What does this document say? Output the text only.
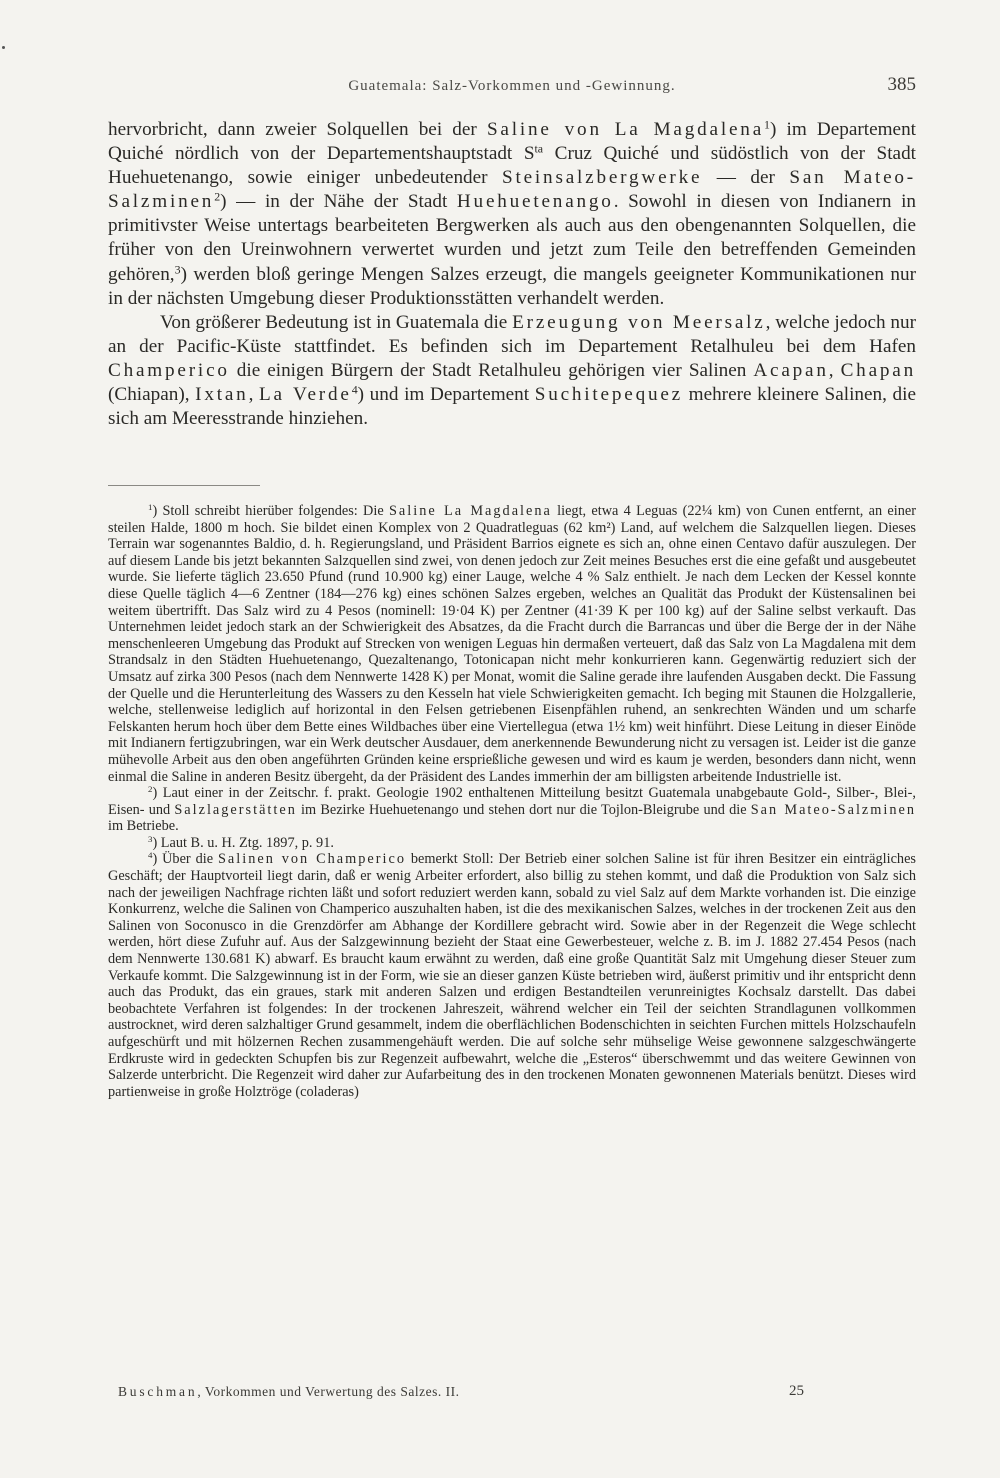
Guatemala: Salz-Vorkommen und -Gewinnung.	385

hervorbricht, dann zweier Solquellen bei der Saline von La Magdalena$^1$) im Departement Quiché nördlich von der Departementshauptstadt $S^{ta}$ Cruz Quiché und südöstlich von der Stadt Huehuetenango, sowie einiger unbedeutender Steinsalzbergwerke — der San Mateo-Salzminen$^2$) — in der Nähe der Stadt Huehuetenango. Sowohl in diesen von Indianern in primitivster Weise untertags bearbeiteten Bergwerken als auch aus den obengenannten Solquellen, die früher von den Ureinwohnern verwertet wurden und jetzt zum Teile den betreffenden Gemeinden gehören,$^3$) werden bloß geringe Mengen Salzes erzeugt, die mangels geeigneter Kommunikationen nur in der nächsten Umgebung dieser Produktionsstätten verhandelt werden.

Von größerer Bedeutung ist in Guatemala die Erzeugung von Meersalz, welche jedoch nur an der Pacific-Küste stattfindet. Es befinden sich im Departement Retalhuleu bei dem Hafen Champerico die einigen Bürgern der Stadt Retalhuleu gehörigen vier Salinen Acapan, Chapan (Chiapan), Ixtan, La Verde$^4$) und im Departement Suchitepequez mehrere kleinere Salinen, die sich am Meeresstrande hinziehen.

$^1$) Stoll schreibt hierüber folgendes: Die Saline La Magdalena liegt, etwa 4 Leguas (22¼ km) von Cunen entfernt, an einer steilen Halde, 1800 m hoch. Sie bildet einen Komplex von 2 Quadratleguas (62 km²) Land, auf welchem die Salzquellen liegen. Dieses Terrain war sogenanntes Baldio, d. h. Regierungsland, und Präsident Barrios eignete es sich an, ohne einen Centavo dafür auszulegen. Der auf diesem Lande bis jetzt bekannten Salzquellen sind zwei, von denen jedoch zur Zeit meines Besuches erst die eine gefaßt und ausgebeutet wurde. Sie lieferte täglich 23.650 Pfund (rund 10.900 kg) einer Lauge, welche 4 % Salz enthielt. Je nach dem Lecken der Kessel konnte diese Quelle täglich 4—6 Zentner (184—276 kg) eines schönen Salzes ergeben, welches an Qualität das Produkt der Küstensalinen bei weitem übertrifft. Das Salz wird zu 4 Pesos (nominell: 19·04 K) per Zentner (41·39 K per 100 kg) auf der Saline selbst verkauft. Das Unternehmen leidet jedoch stark an der Schwierigkeit des Absatzes, da die Fracht durch die Barrancas und über die Berge der in der Nähe menschenleeren Umgebung das Produkt auf Strecken von wenigen Leguas hin dermaßen verteuert, daß das Salz von La Magdalena mit dem Strandsalz in den Städten Huehuetenango, Quezaltenango, Totonicapan nicht mehr konkurrieren kann. Gegenwärtig reduziert sich der Umsatz auf zirka 300 Pesos (nach dem Nennwerte 1428 K) per Monat, womit die Saline gerade ihre laufenden Ausgaben deckt. Die Fassung der Quelle und die Herunterleitung des Wassers zu den Kesseln hat viele Schwierigkeiten gemacht. Ich beging mit Staunen die Holzgallerie, welche, stellenweise lediglich auf horizontal in den Felsen getriebenen Eisenpfählen ruhend, an senkrechten Wänden und um scharfe Felskanten herum hoch über dem Bette eines Wildbaches über eine Viertellegua (etwa 1½ km) weit hinführt. Diese Leitung in dieser Einöde mit Indianern fertigzubringen, war ein Werk deutscher Ausdauer, dem anerkennende Bewunderung nicht zu versagen ist. Leider ist die ganze mühevolle Arbeit aus den oben angeführten Gründen keine ersprießliche gewesen und wird es kaum je werden, besonders dann nicht, wenn einmal die Saline in anderen Besitz übergeht, da der Präsident des Landes immerhin der am billigsten arbeitende Industrielle ist.

$^2$) Laut einer in der Zeitschr. f. prakt. Geologie 1902 enthaltenen Mitteilung besitzt Guatemala unabgebaute Gold-, Silber-, Blei-, Eisen- und Salzlagerstätten im Bezirke Huehuetenango und stehen dort nur die Tojlon-Bleigrube und die San Mateo-Salzminen im Betriebe.

$^3$) Laut B. u. H. Ztg. 1897, p. 91.

$^4$) Über die Salinen von Champerico bemerkt Stoll: Der Betrieb einer solchen Saline ist für ihren Besitzer ein einträgliches Geschäft; der Hauptvorteil liegt darin, daß er wenig Arbeiter erfordert, also billig zu stehen kommt, und daß die Produktion von Salz sich nach der jeweiligen Nachfrage richten läßt und sofort reduziert werden kann, sobald zu viel Salz auf dem Markte vorhanden ist. Die einzige Konkurrenz, welche die Salinen von Champerico auszuhalten haben, ist die des mexikanischen Salzes, welches in der trockenen Zeit aus den Salinen von Soconusco in die Grenzdörfer am Abhange der Kordillere gebracht wird. Sowie aber in der Regenzeit die Wege schlecht werden, hört diese Zufuhr auf. Aus der Salzgewinnung bezieht der Staat eine Gewerbesteuer, welche z. B. im J. 1882 27.454 Pesos (nach dem Nennwerte 130.681 K) abwarf. Es braucht kaum erwähnt zu werden, daß eine große Quantität Salz mit Umgehung dieser Steuer zum Verkaufe kommt. Die Salzgewinnung ist in der Form, wie sie an dieser ganzen Küste betrieben wird, äußerst primitiv und ihr entspricht denn auch das Produkt, das ein graues, stark mit anderen Salzen und erdigen Bestandteilen verunreinigtes Kochsalz darstellt. Das dabei beobachtete Verfahren ist folgendes: In der trockenen Jahreszeit, während welcher ein Teil der seichten Strandlagunen vollkommen austrocknet, wird deren salzhaltiger Grund gesammelt, indem die oberflächlichen Bodenschichten in seichten Furchen mittels Holzschaufeln aufgeschürft und mit hölzernen Rechen zusammengehäuft werden. Die auf solche sehr mühselige Weise gewonnene salzgeschwängerte Erdkruste wird in gedeckten Schupfen bis zur Regenzeit aufbewahrt, welche die „Esteros“ überschwemmt und das weitere Gewinnen von Salzerde unterbricht. Die Regenzeit wird daher zur Aufarbeitung des in den trockenen Monaten gewonnenen Materials benützt. Dieses wird partienweise in große Holztröge (coladeras)

Buschman, Vorkommen und Verwertung des Salzes. II.	25
